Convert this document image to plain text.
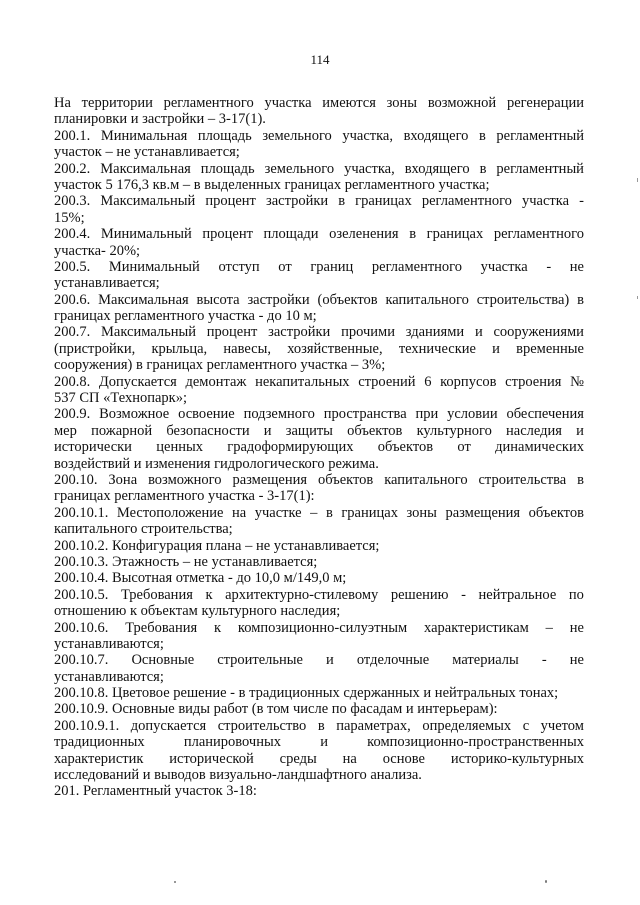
114
На территории регламентного участка имеются зоны возможной регенерации
планировки и застройки – 3-17(1).
200.1. Минимальная площадь земельного участка, входящего в регламентный
участок – не устанавливается;
200.2. Максимальная площадь земельного участка, входящего в регламентный
участок 5 176,3 кв.м – в выделенных границах регламентного участка;
200.3. Максимальный процент застройки в границах регламентного участка -
15%;
200.4. Минимальный процент площади озеленения в границах регламентного
участка- 20%;
200.5. Минимальный отступ от границ регламентного участка - не
устанавливается;
200.6. Максимальная высота застройки (объектов капитального строительства) в
границах регламентного участка - до 10 м;
200.7. Максимальный процент застройки прочими зданиями и сооружениями
(пристройки, крыльца, навесы, хозяйственные, технические и временные
сооружения) в границах регламентного участка – 3%;
200.8. Допускается демонтаж некапитальных строений 6 корпусов строения №
537 СП «Технопарк»;
200.9. Возможное освоение подземного пространства при условии обеспечения
мер пожарной безопасности и защиты объектов культурного наследия и
исторически ценных градоформирующих объектов от динамических
воздействий и изменения гидрологического режима.
200.10. Зона возможного размещения объектов капитального строительства в
границах регламентного участка - 3-17(1):
200.10.1. Местоположение на участке – в границах зоны размещения объектов
капитального строительства;
200.10.2. Конфигурация плана – не устанавливается;
200.10.3. Этажность – не устанавливается;
200.10.4. Высотная отметка - до 10,0 м/149,0 м;
200.10.5. Требования к архитектурно-стилевому решению - нейтральное по
отношению к объектам культурного наследия;
200.10.6. Требования к композиционно-силуэтным характеристикам – не
устанавливаются;
200.10.7. Основные строительные и отделочные материалы - не
устанавливаются;
200.10.8. Цветовое решение - в традиционных сдержанных и нейтральных тонах;
200.10.9. Основные виды работ (в том числе по фасадам и интерьерам):
200.10.9.1. допускается строительство в параметрах, определяемых с учетом
традиционных	планировочных	и	композиционно-пространственных
характеристик исторической среды на основе историко-культурных
исследований и выводов визуально-ландшафтного анализа.
201. Регламентный участок 3-18:
